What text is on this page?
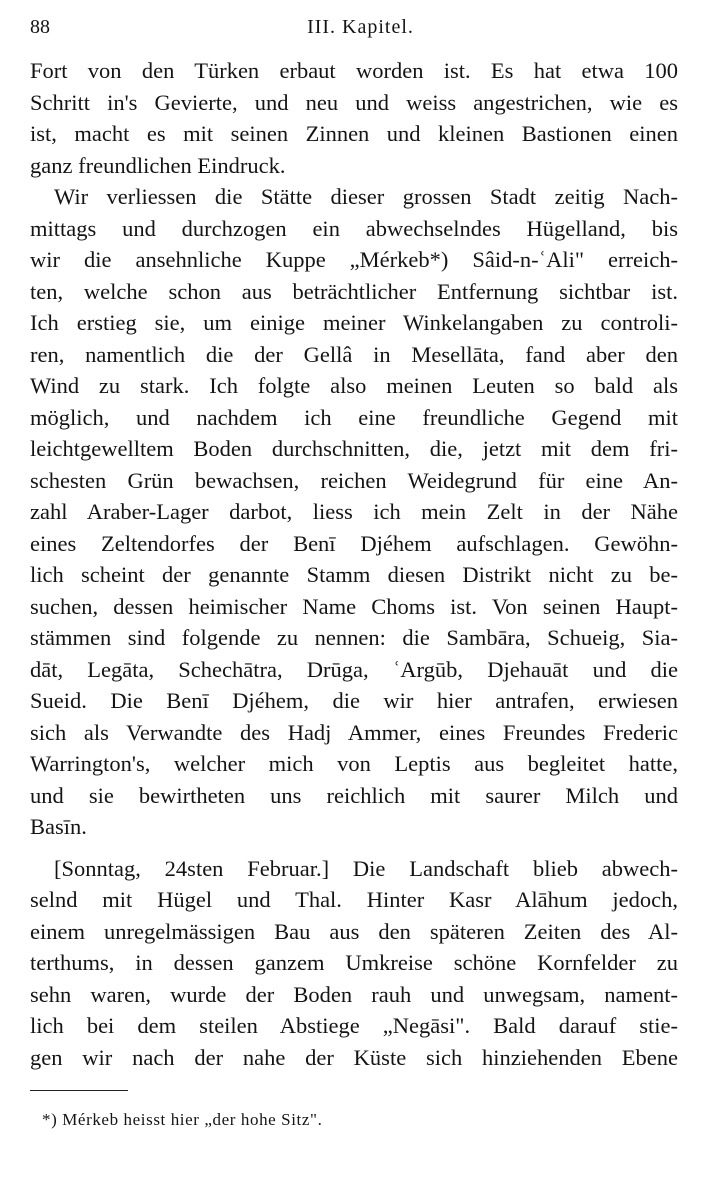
88	III. Kapitel.
Fort von den Türken erbaut worden ist. Es hat etwa 100
Schritt in's Gevierte, und neu und weiss angestrichen, wie es
ist, macht es mit seinen Zinnen und kleinen Bastionen einen
ganz freundlichen Eindruck.
Wir verliessen die Stätte dieser grossen Stadt zeitig Nach-
mittags und durchzogen ein abwechselndes Hügelland, bis
wir die ansehnliche Kuppe „Mérkeb*) Sâid-n-ʿAli" erreich-
ten, welche schon aus beträchtlicher Entfernung sichtbar ist.
Ich erstieg sie, um einige meiner Winkelangaben zu controli-
ren, namentlich die der Gellâ in Mesellāta, fand aber den
Wind zu stark. Ich folgte also meinen Leuten so bald als
möglich, und nachdem ich eine freundliche Gegend mit
leichtgewelltem Boden durchschnitten, die, jetzt mit dem fri-
schesten Grün bewachsen, reichen Weidegrund für eine An-
zahl Araber-Lager darbot, liess ich mein Zelt in der Nähe
eines Zeltendorfes der Benī Djéhem aufschlagen. Gewöhn-
lich scheint der genannte Stamm diesen Distrikt nicht zu be-
suchen, dessen heimischer Name Choms ist. Von seinen Haupt-
stämmen sind folgende zu nennen: die Sambāra, Schueig, Sia-
dāt, Legāta, Schechātra, Drūga, ʿArgūb, Djehauāt und die
Sueid. Die Benī Djéhem, die wir hier antrafen, erwiesen
sich als Verwandte des Hadj Ammer, eines Freundes Frederic
Warrington's, welcher mich von Leptis aus begleitet hatte,
und sie bewirtheten uns reichlich mit saurer Milch und
Basīn.
[Sonntag, 24sten Februar.] Die Landschaft blieb abwech-
selnd mit Hügel und Thal. Hinter Kasr Alāhum jedoch,
einem unregelmässigen Bau aus den späteren Zeiten des Al-
terthums, in dessen ganzem Umkreise schöne Kornfelder zu
sehn waren, wurde der Boden rauh und unwegsam, nament-
lich bei dem steilen Abstiege „Negāsi". Bald darauf stie-
gen wir nach der nahe der Küste sich hinziehenden Ebene
*) Mérkeb heisst hier „der hohe Sitz".
